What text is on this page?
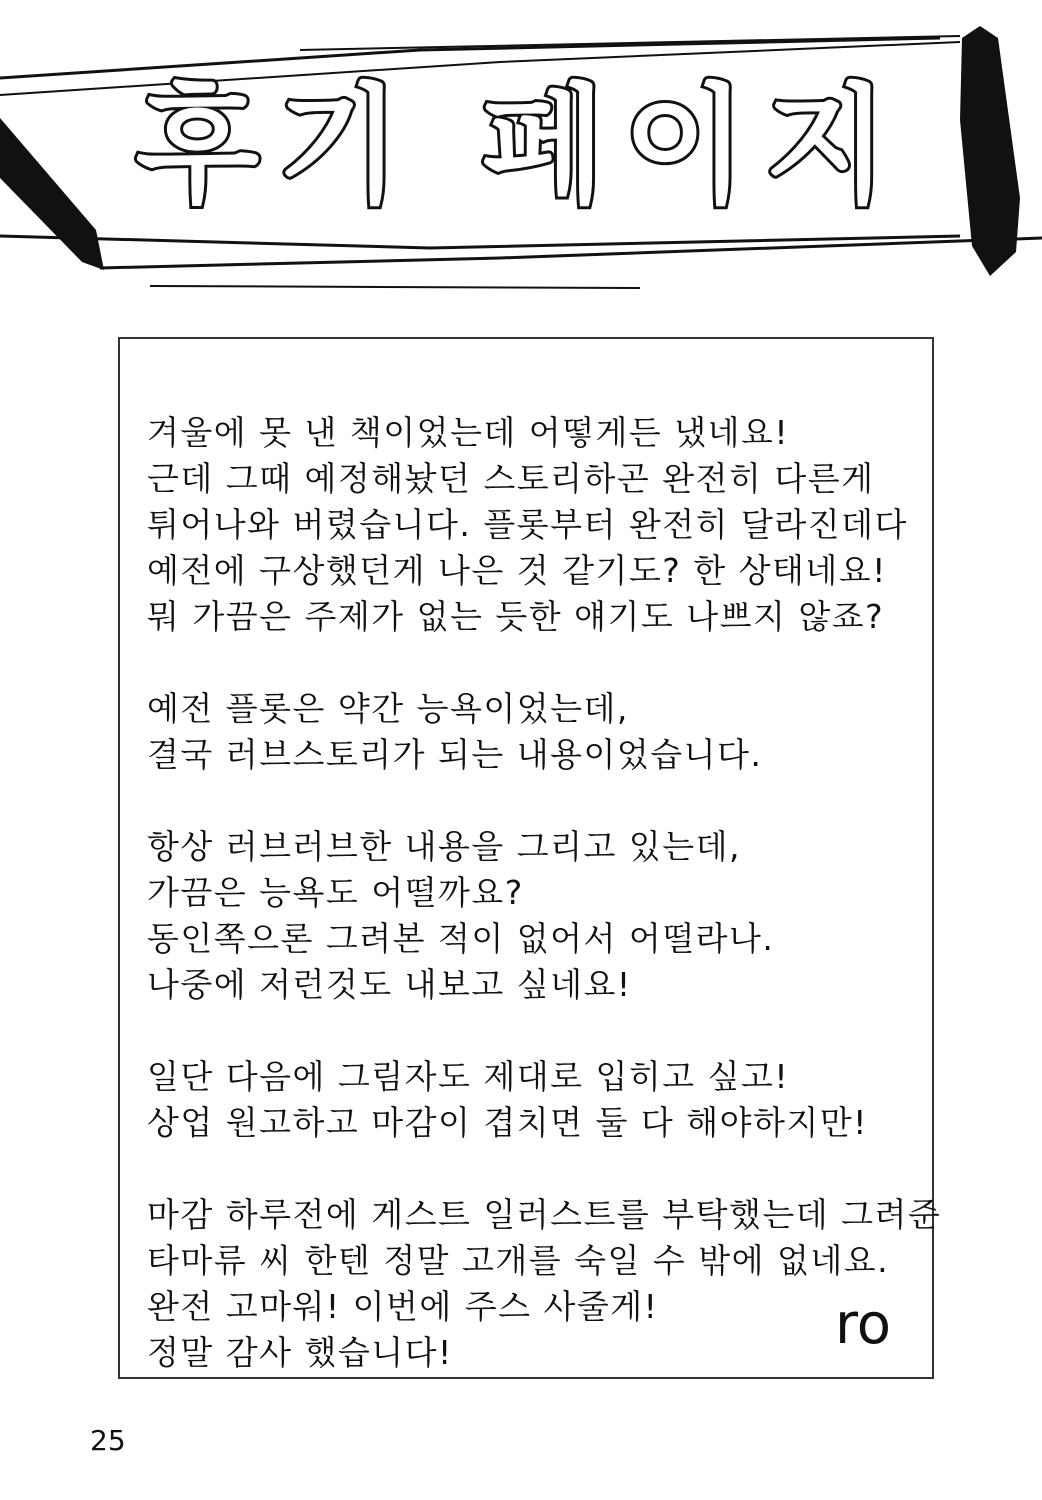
후기 페이지
겨울에 못 낸 책이었는데 어떻게든 냈네요!
근데 그때 예정해놨던 스토리하곤 완전히 다른게
튀어나와 버렸습니다. 플롯부터 완전히 달라진데다
예전에 구상했던게 나은 것 같기도? 한 상태네요!
뭐 가끔은 주제가 없는 듯한 얘기도 나쁘지 않죠?
예전 플롯은 약간 능욕이었는데,
결국 러브스토리가 되는 내용이었습니다.
항상 러브러브한 내용을 그리고 있는데,
가끔은 능욕도 어떨까요?
동인쪽으론 그려본 적이 없어서 어떨라나.
나중에 저런것도 내보고 싶네요!
일단 다음에 그림자도 제대로 입히고 싶고!
상업 원고하고 마감이 겹치면 둘 다 해야하지만!
마감 하루전에 게스트 일러스트를 부탁했는데 그려준
타마류 씨 한텐 정말 고개를 숙일 수 밖에 없네요.
완전 고마워! 이번에 주스 사줄게!
정말 감사 했습니다!	ro
25
